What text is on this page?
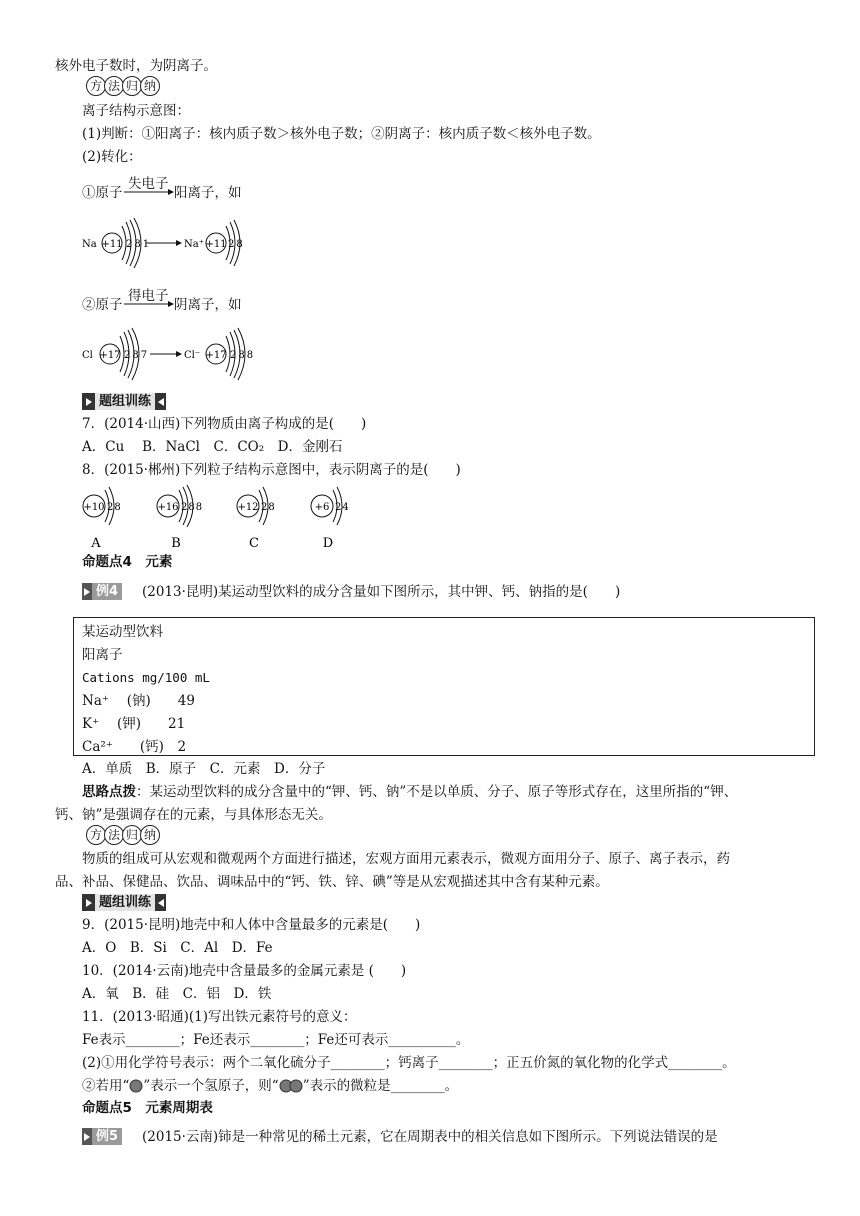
核外电子数时，为阴离子。
方 法 归 纳
离子结构示意图：
(1)判断：①阳离子：核内质子数＞核外电子数；②阴离子：核内质子数＜核外电子数。
(2)转化：
①原子
失电子
阳离子，如
Na +11 281	Na⁺ +11 28
②原子
得电子
阴离子，如
Cl +17 287	Cl⁻ +17 288
题组训练
7．(2014·山西)下列物质由离子构成的是(　　)
A．Cu　 B．NaCl　C．CO₂　D．金刚石
8．(2015·郴州)下列粒子结构示意图中，表示阴离子的是(　　)
+10 28
A
+16 288
B
+12 28
C
+6 24
D
命题点4　元素
例4 (2013·昆明)某运动型饮料的成分含量如下图所示，其中钾、钙、钠指的是(　　)
某运动型饮料
阳离子
Cations mg/100 mL
Na⁺　 (钠)　　49
K⁺　 (钾)　　21
Ca²⁺　　(钙)　2
A．单质　B．原子　C．元素　D．分子
思路点拨：某运动型饮料的成分含量中的“钾、钙、钠”不是以单质、分子、原子等形式存在，这里所指的“钾、
钙、钠”是强调存在的元素，与具体形态无关。
方 法 归 纳
物质的组成可从宏观和微观两个方面进行描述，宏观方面用元素表示，微观方面用分子、原子、离子表示，药
品、补品、保健品、饮品、调味品中的“钙、铁、锌、碘”等是从宏观描述其中含有某种元素。
题组训练
9．(2015·昆明)地壳中和人体中含量最多的元素是(　　)
A．O　B．Si　C．Al　D．Fe
10．(2014·云南)地壳中含量最多的金属元素是 (　　)
A．氧　B．硅　C．铝　D．铁
11．(2013·昭通)(1)写出铁元素符号的意义：
Fe表示________；Fe还表示________；Fe还可表示__________。
(2)①用化学符号表示：两个二氧化硫分子________；钙离子________；正五价氮的氧化物的化学式________。
②若用“ ”表示一个氢原子，则“ ”表示的微粒是________。
命题点5　元素周期表
例5 (2015·云南)铈是一种常见的稀土元素，它在周期表中的相关信息如下图所示。下列说法错误的是
